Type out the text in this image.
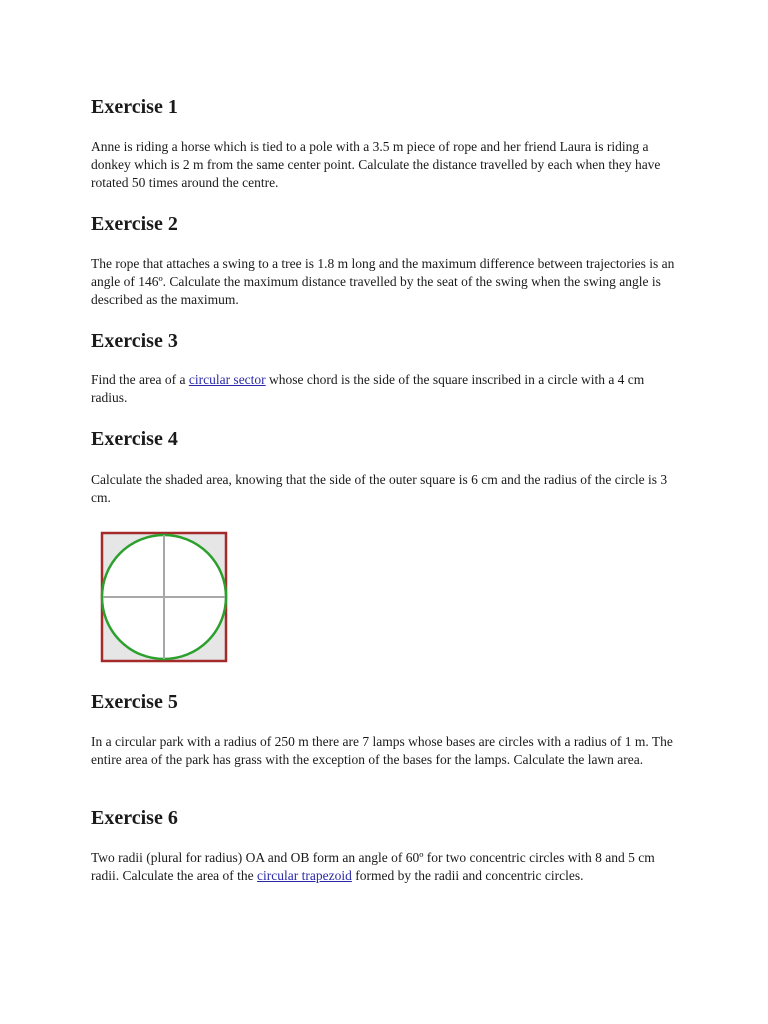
Exercise 1

Anne is riding a horse which is tied to a pole with a 3.5 m piece of rope and her friend Laura is riding a donkey which is 2 m from the same center point. Calculate the distance travelled by each when they have rotated 50 times around the centre.

Exercise 2

The rope that attaches a swing to a tree is 1.8 m long and the maximum difference between trajectories is an angle of 146º. Calculate the maximum distance travelled by the seat of the swing when the swing angle is described as the maximum.

Exercise 3

Find the area of a circular sector whose chord is the side of the square inscribed in a circle with a 4 cm radius.

Exercise 4

Calculate the shaded area, knowing that the side of the outer square is 6 cm and the radius of the circle is 3 cm.

Exercise 5

In a circular park with a radius of 250 m there are 7 lamps whose bases are circles with a radius of 1 m. The entire area of the park has grass with the exception of the bases for the lamps. Calculate the lawn area.

Exercise 6

Two radii (plural for radius) OA and OB form an angle of 60º for two concentric circles with 8 and 5 cm radii. Calculate the area of the circular trapezoid formed by the radii and concentric circles.
